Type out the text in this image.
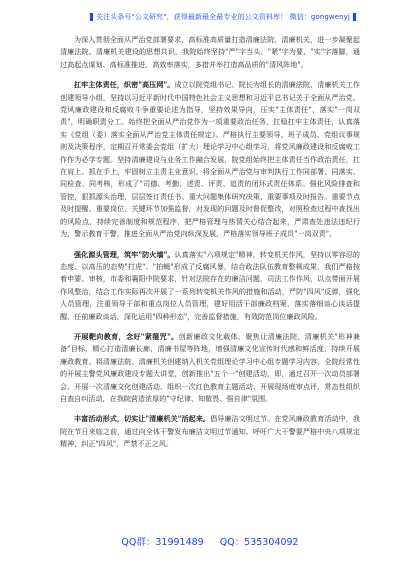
关注头条号"公文研究"，获得最新最全最专业的公文资料库！ 微信：gongwenyj

为深入贯彻全面从严治党部署要求，高标准高质量打造清廉法院、清廉机关，进一步凝聚起清廉法院、清廉机关建设的思想共识，我院始终坚持"严"字当头、"紧"字为要、"实"字落脚，通过高起点谋划、高标准推进、高效率落实，多措并举打造高品质的"清风阵地"。

扛牢主体责任，织密"高压网"。成立以院党组书记、院长为组长的清廉法院、清廉机关工作创建领导小组，坚持以习近平新时代中国特色社会主义思想和习近平总书记关于全面从严治党、党风廉政建设和反腐败斗争重要论述为指导，坚持效果导向，压实"主体责任"，落实"一岗双责"，明确职责分工。始终把全面从严治党作为一项重要政治任务，扛稳扛牢主体责任，认真落实《党组（委）落实全面从严治党主体责任规定》。严格执行主要领导、班子成员、党组议事规则及决策程序，定期召开常委会党组（扩大）理论学习中心组学习，将党风廉政建设和反腐败工作作为必学专题。坚持清廉建设与业务工作融合发展，院党组始终把主体责任当作政治责任，扛在肩上、抓在手上，牢固树立主责主业意识，将全面从严治党与审判执行工作同部署、同落实、同检查、同考核，形成了"司德、考勤、述责、评责、追责的闭环式责任体系。强化风险排查和管控，狠抓源头治理，层层签订责任书、重大问题集体研究决策、重要事项及时报告。重要节点及时提醒、重要岗位、关键环节加强监督，对发现的问题及时督促整改，对照检查过程中查找出的风险点，持续完善制度和规范程序，把严格管理与热情关心结合起来，严肃查处违法违纪行为，警示教育干警，推进全面从严治党向纵深发展，严格落实领导班子成员"一岗双责"。

强化源头管理，筑牢"防火墙"。认真落实"六项规定"精神，转变机关作风，坚持以零容忍的态度、以高压的态势"打虎"、"拍蝇"形成了反腐风暴，结合政法队伍教育整顿成果，我们严格按着申要、审核，市委和襄阳中院要求，针对法院存在的廉洁问题，司法工作作风，以点带面开展作风整治，结合工作实际再次开展了一系列转变机关作风的措施和活动，严防"四风"反弹，强化人员管理，注重领导干部和重点岗位人员管理，建好用活干部廉政档案，落实落细谈心谈话提醒、任前廉政谈话，深化运用"四种形态"，完善监督措施，有效防范岗位廉政风险。

开展靶向教育，念好"紧箍咒"。创新廉政文化载体，聚焦让清廉法院、清廉机关"形神兼备"目标，精心打造清廉长廊，清廉书屋等阵地，增强清廉文化宣传时代感和鲜活度，持续开展廉政教育。将清廉法院、清廉机关创建纳入机关党组理论学习中心组专题学习内容，全院经常性的开展主警党风廉政建设专题大讲堂，创新推出"五个一"创建活动，即，通过召开一次动员部署会、开展一次清廉文化创建活动、组织一次红色教育主题活动、开展现场庭审点评、常态性组织自查自纠活动，在我院营造浓厚的"守纪律、知敬畏、强自律"氛围。

丰富活动形式，切实让"清廉机关"活起来。倡导廉洁文明过节。在党风廉政教育活动中，我院在节日来临之前，通过向全体干警发布廉洁文明过节通知，呼吁广大干警要严格中央八项规定精神，纠正"四风"，严禁不正之风。

QQ群：31991489 QQ：535304092
